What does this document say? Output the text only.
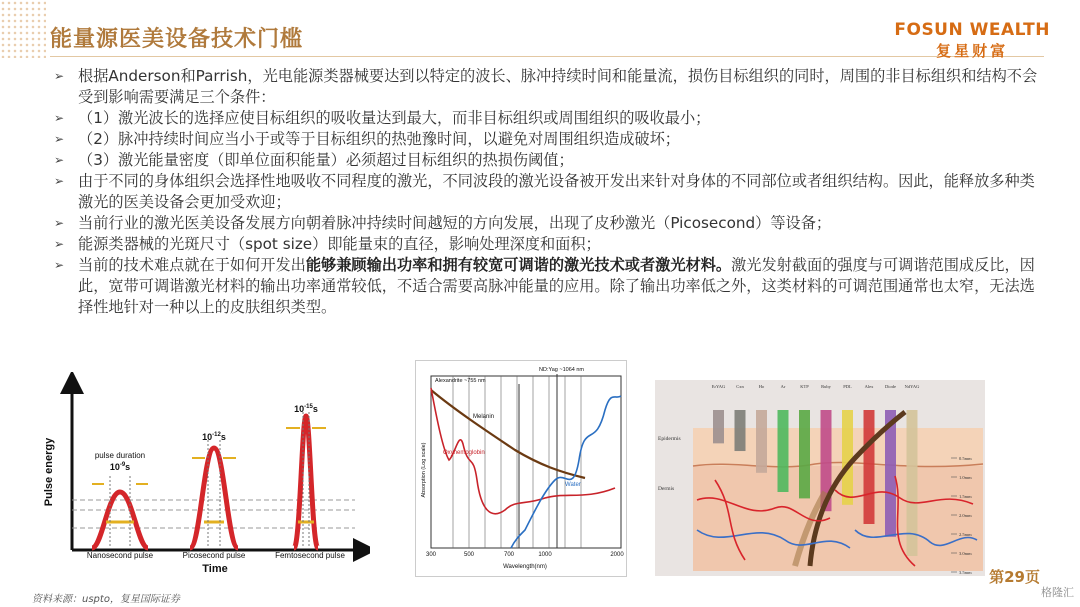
能量源医美设备技术门槛	FOSUN WEALTH
复星财富
➢ 根据Anderson和Parrish，光电能源类器械要达到以特定的波长、脉冲持续时间和能量流，损伤目标组织的同时，周围的非目标组织和结构不会受到影响需要满足三个条件：
➢ （1）激光波长的选择应使目标组织的吸收量达到最大，而非目标组织或周围组织的吸收最小；
➢ （2）脉冲持续时间应当小于或等于目标组织的热弛豫时间，以避免对周围组织造成破坏；
➢ （3）激光能量密度（即单位面积能量）必须超过目标组织的热损伤阈值；
➢ 由于不同的身体组织会选择性地吸收不同程度的激光，不同波段的激光设备被开发出来针对身体的不同部位或者组织结构。因此，能释放多种类激光的医美设备会更加受欢迎；
➢ 当前行业的激光医美设备发展方向朝着脉冲持续时间越短的方向发展，出现了皮秒激光（Picosecond）等设备；
➢ 能源类器械的光斑尺寸（spot size）即能量束的直径，影响处理深度和面积；
➢ 当前的技术难点就在于如何开发出能够兼顾输出功率和拥有较宽可调谐的激光技术或者激光材料。激光发射截面的强度与可调谐范围成反比，因此，宽带可调谐激光材料的输出功率通常较低，不适合需要高脉冲能量的应用。除了输出功率低之外，这类材料的可调范围通常也太窄，无法选择性地针对一种以上的皮肤组织类型。
Pulse energy
Time
pulse duration
$10^{-9}s$
Nanosecond pulse
$10^{-12}s$
Picosecond pulse
$10^{-15}s$
Femtosecond pulse
Alexandrite ~755 nm
ND:Yag ~1064 nm
Melanin
Oxyhemoglobin
Water
Absorption (Log scale)
300	500	700	1000	2000
Wavelength(nm)
ErYAG Cxn	Ho	Ar	KTP	Ruby	PDL	Alex	Diode NdYAG
Epidermis
Dermis
0.5mm
1.0mm
1.5mm
2.0mm
2.5mm
3.0mm
3.5mm
资料来源：uspto，复星国际证券
第29页
格隆汇
